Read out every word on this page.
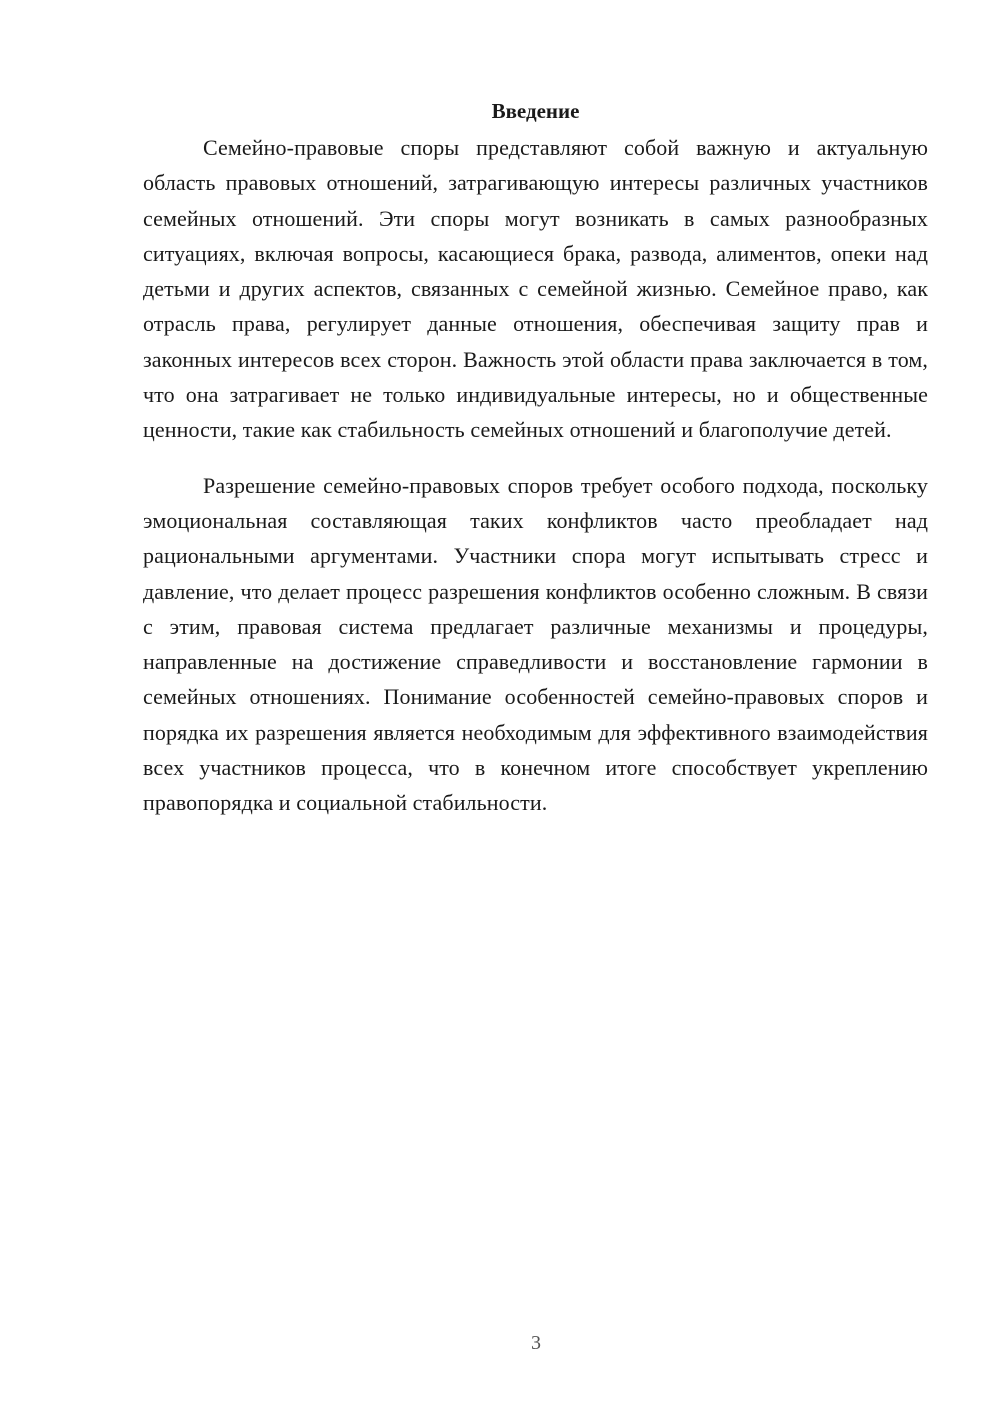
Введение

Семейно-правовые споры представляют собой важную и актуальную область правовых отношений, затрагивающую интересы различных участников семейных отношений. Эти споры могут возникать в самых разнообразных ситуациях, включая вопросы, касающиеся брака, развода, алиментов, опеки над детьми и других аспектов, связанных с семейной жизнью. Семейное право, как отрасль права, регулирует данные отношения, обеспечивая защиту прав и законных интересов всех сторон. Важность этой области права заключается в том, что она затрагивает не только индивидуальные интересы, но и общественные ценности, такие как стабильность семейных отношений и благополучие детей.

Разрешение семейно-правовых споров требует особого подхода, поскольку эмоциональная составляющая таких конфликтов часто преобладает над рациональными аргументами. Участники спора могут испытывать стресс и давление, что делает процесс разрешения конфликтов особенно сложным. В связи с этим, правовая система предлагает различные механизмы и процедуры, направленные на достижение справедливости и восстановление гармонии в семейных отношениях. Понимание особенностей семейно-правовых споров и порядка их разрешения является необходимым для эффективного взаимодействия всех участников процесса, что в конечном итоге способствует укреплению правопорядка и социальной стабильности.

3
